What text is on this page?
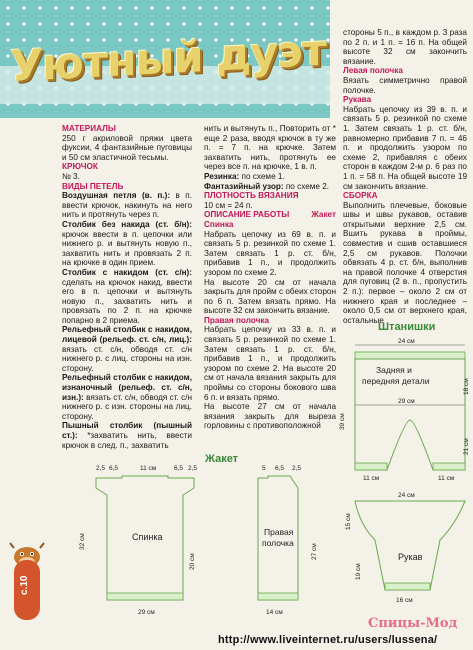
Уютный дуэт

МАТЕРИАЛЫ

250 г акриловой пряжи цвета фуксии, 4 фантазийные пуговицы и 50 см эластичной тесьмы.

КРЮЧОК

№ 3.

ВИДЫ ПЕТЕЛЬ

Воздушная петля (в. п.): в п. ввести крючок, накинуть на него нить и протянуть через п.

Столбик без накида (ст. б/н): крючок ввести в п. цепочки или нижнего р. и вытянуть новую п., захватить нить и провязать 2 п. на крючке в один прием.

Столбик с накидом (ст. с/н): сделать на крючок накид, ввести его в п. цепочки и вытянуть новую п., захватить нить и провязать по 2 п. на крючке попарно в 2 приема.

Рельефный столбик с накидом, лицевой (рельеф. ст. с/н, лиц.): вязать ст. с/н, обводя ст. с/н нижнего р. с лиц. стороны на изн. сторону.

Рельефный столбик с накидом, изнаночный (рельеф. ст. с/н, изн.): вязать ст. с/н, обводя ст. с/н нижнего р. с изн. стороны на лиц. сторону.

Пышный столбик (пышный ст.): *захватить нить, ввести крючок в след. п., захватить

нить и вытянуть п., Повторить от * еще 2 раза, вводя крючок в ту же п. = 7 п. на крючке. Затем захватить нить, протянуть ее через все п. на крючке, 1 в. п.

Резинка: по схеме 1.

Фантазийный узор: по схеме 2.

ПЛОТНОСТЬ ВЯЗАНИЯ

10 см = 24 п.

ОПИСАНИЕ РАБОТЫ	Жакет

Спинка

Набрать цепочку из 69 в. п. и связать 5 р. резинкой по схеме 1. Затем связать 1 р. ст. б/н, прибавив 1 п., и продолжить узором по схеме 2.

На высоте 20 см от начала закрыть для пройм с обеих сторон по 6 п. Затем вязать прямо. На высоте 32 см закончить вязание.

Правая полочка

Набрать цепочку из 33 в. п. и связать 5 р. резинкой по схеме 1. Затем связать 1 р. ст. б/н, прибавив 1 п., и продолжить узором по схеме 2. На высоте 20 см от начала вязания закрыть для проймы со стороны бокового шва 6 п. и вязать прямо.

На высоте 27 см от начала вязания закрыть для выреза горловины с противоположной

стороны 5 п., в каждом р. 3 раза по 2 п. и 1 п. = 16 п. На общей высоте 32 см закончить вязание.

Левая полочка

Вязать симметрично правой полочке.

Рукава

Набрать цепочку из 39 в. п. и связать 5 р. резинкой по схеме 1. Затем связать 1 р. ст. б/н, равномерно прибавив 7 п. = 46 п. и продолжить узором по схеме 2, прибавляя с обеих сторон в каждом 2-м р. 6 раз по 1 п. = 58 п. На общей высоте 19 см закончить вязание.

СБОРКА

Выполнить плечевые, боковые швы и швы рукавов, оставив открытыми верхние 2,5 см. Вшить рукава в проймы, совместив и сшив оставшиеся 2,5 см рукавов. Полочки обвязать 4 р. ст. б/н, выполнив на правой полочке 4 отверстия для пуговиц (2 в. п., пропустить 2 п.): первое – около 2 см от нижнего края и последнее – около 0,5 см от верхнего края, остальные

Штанишки
24 см
Задняя и
передняя детали
29 см
39 см
18 см
21 см
11 см	11 см
24 см
Рукав
15 см
19 см
16 см
Жакет
2,5 6,5	11 см	6,5 2,5
Спинка
32 см
20 см
29 см
5 6,5 2,5
Правая
полочка
27 см
14 см
с.10
Спицы-Мод
http://www.liveinternet.ru/users/lussena/
